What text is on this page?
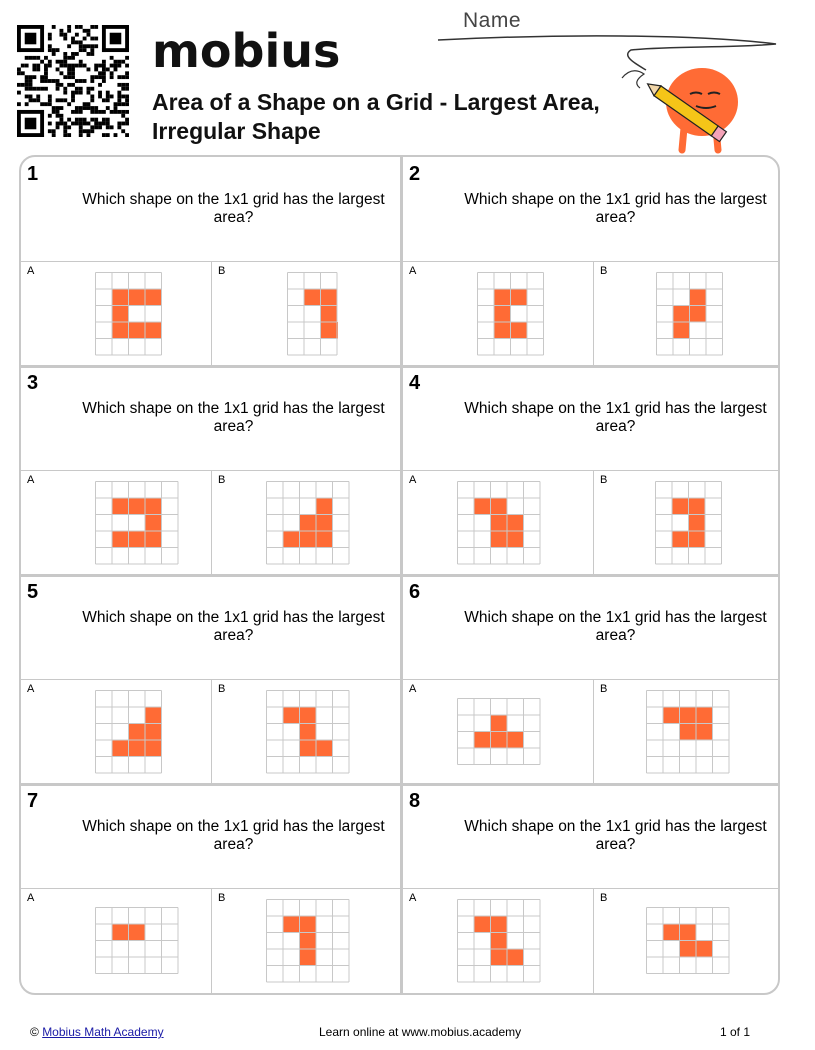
mobius
Area of a Shape on a Grid - Largest Area,
Irregular Shape
Name
1
Which shape on the 1x1 grid has the largest area?
A	B
2
Which shape on the 1x1 grid has the largest area?
A	B
3
Which shape on the 1x1 grid has the largest area?
A	B
4
Which shape on the 1x1 grid has the largest area?
A	B
5
Which shape on the 1x1 grid has the largest area?
A	B
6
Which shape on the 1x1 grid has the largest area?
A	B
7
Which shape on the 1x1 grid has the largest area?
A	B
8
Which shape on the 1x1 grid has the largest area?
A	B
© Mobius Math Academy	Learn online at www.mobius.academy	1 of 1
